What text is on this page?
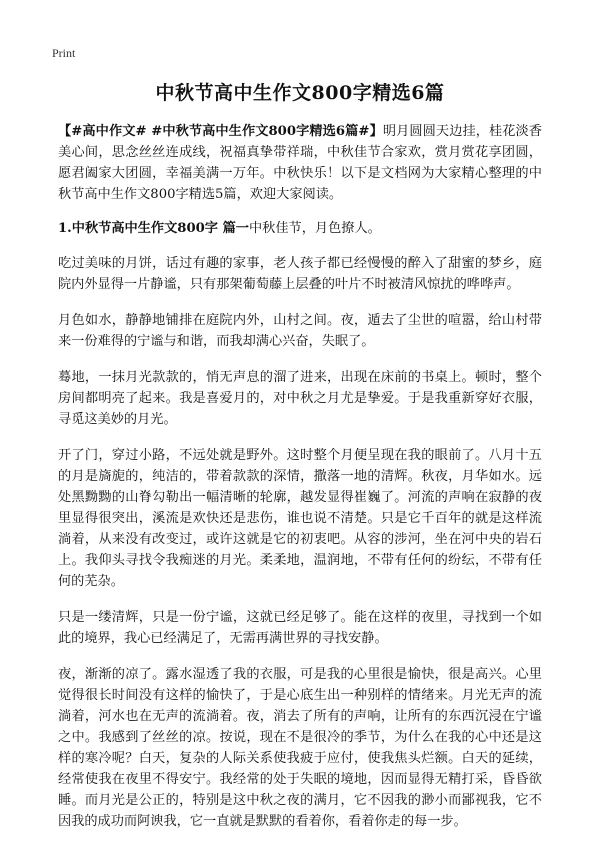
Print
中秋节高中生作文800字精选6篇

【#高中作文# #中秋节高中生作文800字精选6篇#】明月圆圆天边挂，桂花淡香美心间，思念丝丝连成线，祝福真挚带祥瑞，中秋佳节合家欢，赏月赏花享团圆，愿君阖家大团圆，幸福美满一万年。中秋快乐！以下是文档网为大家精心整理的中秋节高中生作文800字精选5篇，欢迎大家阅读。

1.中秋节高中生作文800字 篇一中秋佳节，月色撩人。

吃过美味的月饼，话过有趣的家事，老人孩子都已经慢慢的醉入了甜蜜的梦乡，庭院内外显得一片静谧，只有那架葡萄藤上层叠的叶片不时被清风惊扰的哗哗声。

月色如水，静静地铺排在庭院内外，山村之间。夜，遁去了尘世的喧嚣，给山村带来一份难得的宁谧与和谐，而我却满心兴奋，失眠了。

蓦地，一抹月光款款的，悄无声息的溜了进来，出现在床前的书桌上。顿时，整个房间都明亮了起来。我是喜爱月的，对中秋之月尤是挚爱。于是我重新穿好衣服，寻觅这美妙的月光。

开了门，穿过小路，不远处就是野外。这时整个月便呈现在我的眼前了。八月十五的月是旖旎的，纯洁的，带着款款的深情，撒落一地的清辉。秋夜，月华如水。远处黑黝黝的山脊勾勒出一幅清晰的轮廓，越发显得崔巍了。河流的声响在寂静的夜里显得很突出，溪流是欢快还是悲伤，谁也说不清楚。只是它千百年的就是这样流淌着，从来没有改变过，或许这就是它的初衷吧。从容的涉河，坐在河中央的岩石上。我仰头寻找令我痴迷的月光。柔柔地，温润地，不带有任何的纷纭，不带有任何的芜杂。

只是一缕清辉，只是一份宁谧，这就已经足够了。能在这样的夜里，寻找到一个如此的境界，我心已经满足了，无需再满世界的寻找安静。

夜，渐渐的凉了。露水湿透了我的衣服，可是我的心里很是愉快，很是高兴。心里觉得很长时间没有这样的愉快了，于是心底生出一种别样的情绪来。月光无声的流淌着，河水也在无声的流淌着。夜，消去了所有的声响，让所有的东西沉浸在宁谧之中。我感到了丝丝的凉。按说，现在不是很冷的季节，为什么在我的心中还是这样的寒冷呢？白天，复杂的人际关系使我疲于应付，使我焦头烂额。白天的延续，经常使我在夜里不得安宁。我经常的处于失眠的境地，因而显得无精打采，昏昏欲睡。而月光是公正的，特别是这中秋之夜的满月，它不因我的渺小而鄙视我，它不因我的成功而阿谀我，它一直就是默默的看着你，看着你走的每一步。
